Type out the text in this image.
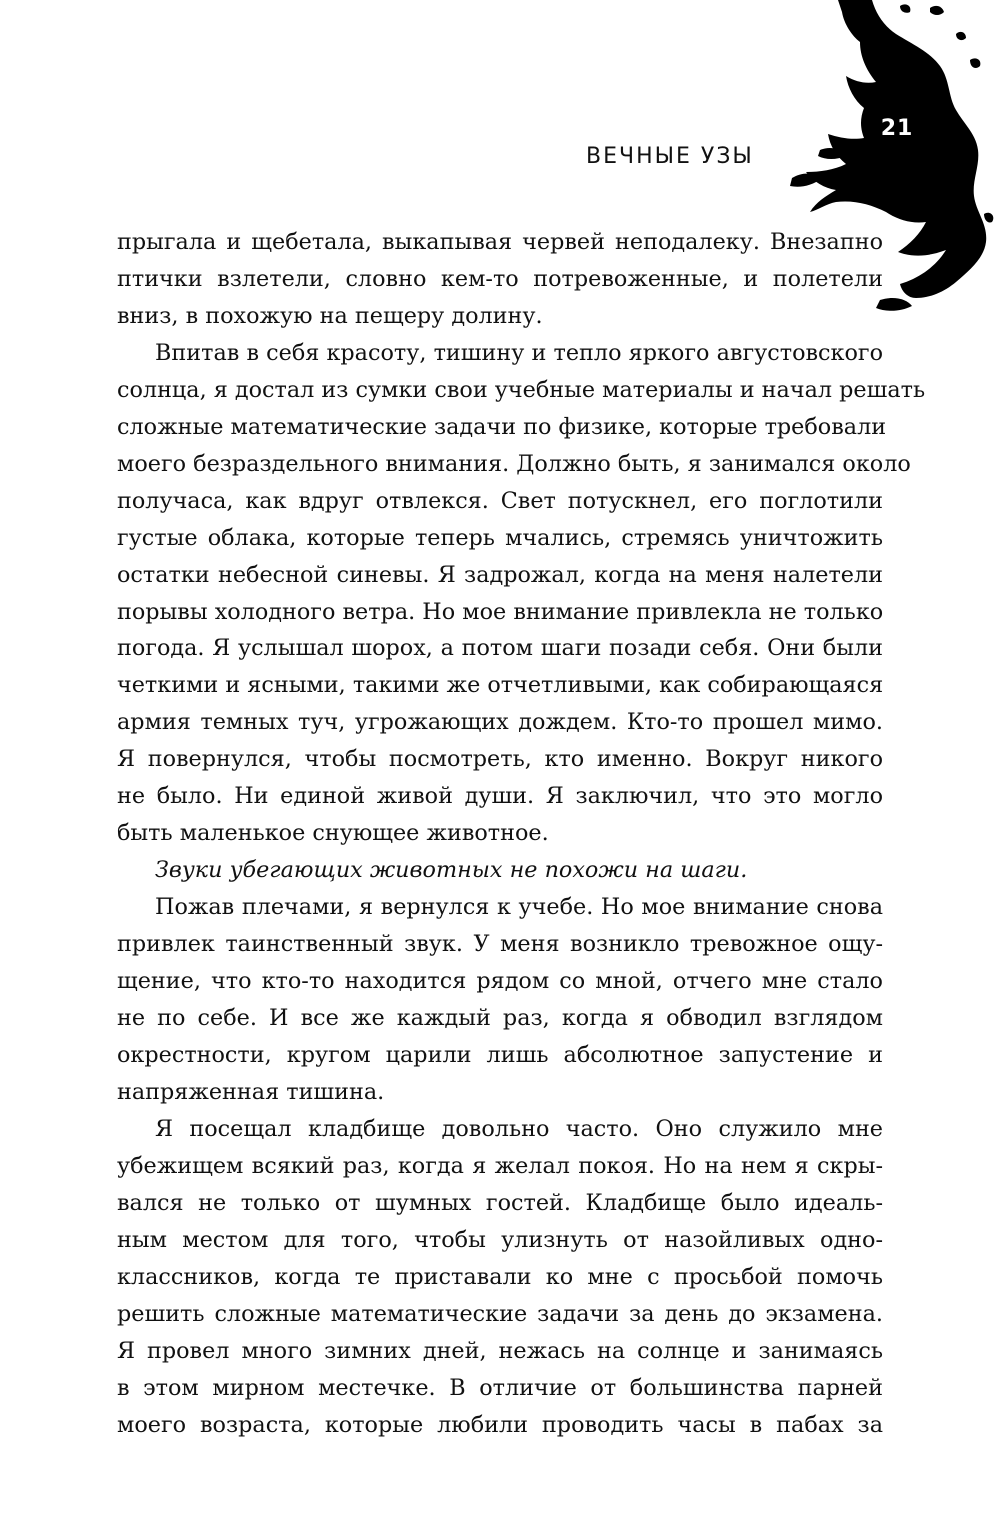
21
ВЕЧНЫЕ УЗЫ
прыгала и щебетала, выкапывая червей неподалеку. Внезапно
птички взлетели, словно кем-то потревоженные, и полетели
вниз, в похожую на пещеру долину.
Впитав в себя красоту, тишину и тепло яркого августовского
солнца, я достал из сумки свои учебные материалы и начал решать
сложные математические задачи по физике, которые требовали
моего безраздельного внимания. Должно быть, я занимался около
получаса, как вдруг отвлекся. Свет потускнел, его поглотили
густые облака, которые теперь мчались, стремясь уничтожить
остатки небесной синевы. Я задрожал, когда на меня налетели
порывы холодного ветра. Но мое внимание привлекла не только
погода. Я услышал шорох, а потом шаги позади себя. Они были
четкими и ясными, такими же отчетливыми, как собирающаяся
армия темных туч, угрожающих дождем. Кто-то прошел мимо.
Я повернулся, чтобы посмотреть, кто именно. Вокруг никого
не было. Ни единой живой души. Я заключил, что это могло
быть маленькое снующее животное.
Звуки убегающих животных не похожи на шаги.
Пожав плечами, я вернулся к учебе. Но мое внимание снова
привлек таинственный звук. У меня возникло тревожное ощу-
щение, что кто-то находится рядом со мной, отчего мне стало
не по себе. И все же каждый раз, когда я обводил взглядом
окрестности, кругом царили лишь абсолютное запустение и
напряженная тишина.
Я посещал кладбище довольно часто. Оно служило мне
убежищем всякий раз, когда я желал покоя. Но на нем я скры-
вался не только от шумных гостей. Кладбище было идеаль-
ным местом для того, чтобы улизнуть от назойливых одно-
классников, когда те приставали ко мне с просьбой помочь
решить сложные математические задачи за день до экзамена.
Я провел много зимних дней, нежась на солнце и занимаясь
в этом мирном местечке. В отличие от большинства парней
моего возраста, которые любили проводить часы в пабах за
